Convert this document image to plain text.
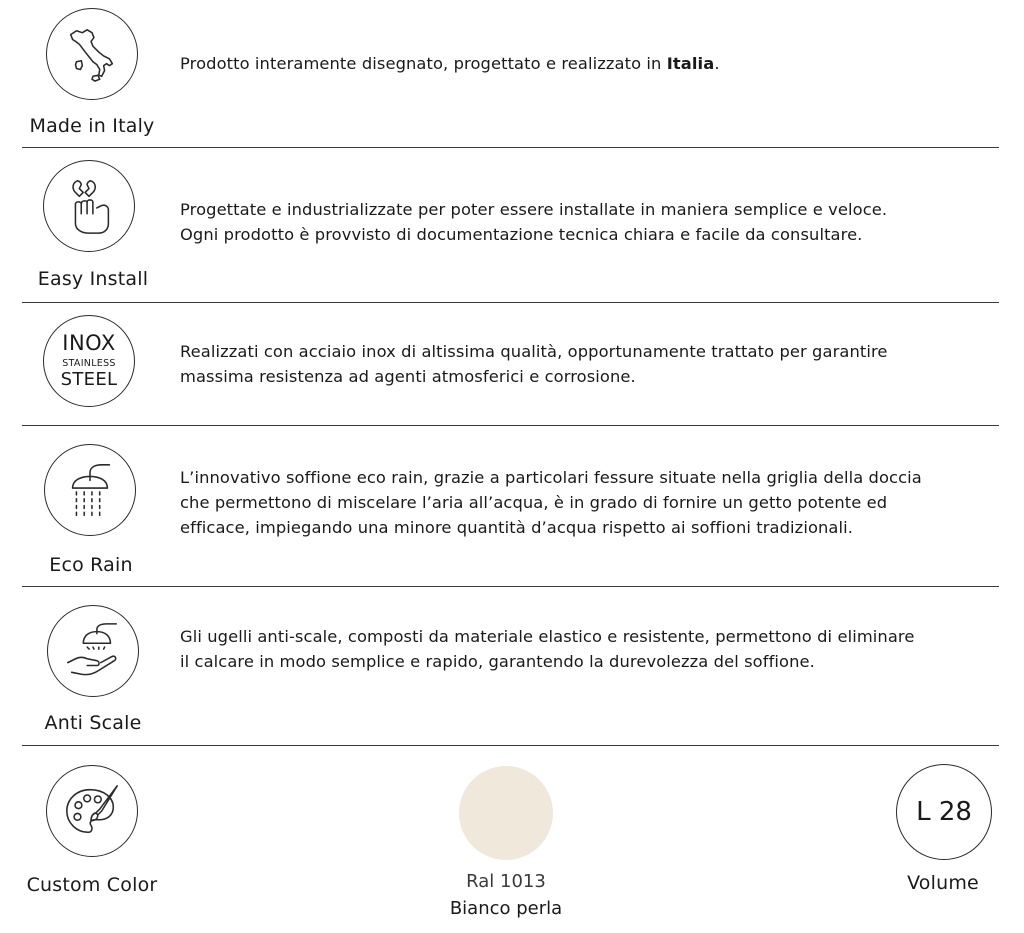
Made in Italy
Prodotto interamente disegnato, progettato e realizzato in Italia.
Easy Install
Progettate e industrializzate per poter essere installate in maniera semplice e veloce.
Ogni prodotto è provvisto di documentazione tecnica chiara e facile da consultare.
INOX
STAINLESS
STEEL
Realizzati con acciaio inox di altissima qualità, opportunamente trattato per garantire
massima resistenza ad agenti atmosferici e corrosione.
Eco Rain
L’innovativo soffione eco rain, grazie a particolari fessure situate nella griglia della doccia
che permettono di miscelare l’aria all’acqua, è in grado di fornire un getto potente ed
efficace, impiegando una minore quantità d’acqua rispetto ai soffioni tradizionali.
Anti Scale
Gli ugelli anti-scale, composti da materiale elastico e resistente, permettono di eliminare
il calcare in modo semplice e rapido, garantendo la durevolezza del soffione.
Custom Color	Ral 1013
Bianco perla
L 28
Volume
